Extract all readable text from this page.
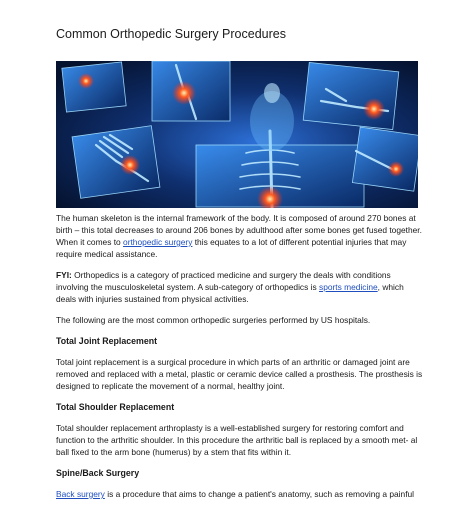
Common Orthopedic Surgery Procedures

The human skeleton is the internal framework of the body. It is composed of around 270 bones at birth – this total decreases to around 206 bones by adulthood after some bones get fused together. When it comes to orthopedic surgery this equates to a lot of different potential injuries that may require medical assistance.

FYI: Orthopedics is a category of practiced medicine and surgery the deals with conditions involving the musculoskeletal system. A sub-category of orthopedics is sports medicine, which deals with injuries sustained from physical activities.

The following are the most common orthopedic surgeries performed by US hospitals.

Total Joint Replacement

Total joint replacement is a surgical procedure in which parts of an arthritic or damaged joint are removed and replaced with a metal, plastic or ceramic device called a prosthesis. The prosthesis is designed to replicate the movement of a normal, healthy joint.

Total Shoulder Replacement

Total shoulder replacement arthroplasty is a well-established surgery for restoring comfort and function to the arthritic shoulder. In this procedure the arthritic ball is replaced by a smooth met- al ball fixed to the arm bone (humerus) by a stem that fits within it.

Spine/Back Surgery

Back surgery is a procedure that aims to change a patient's anatomy, such as removing a painful
